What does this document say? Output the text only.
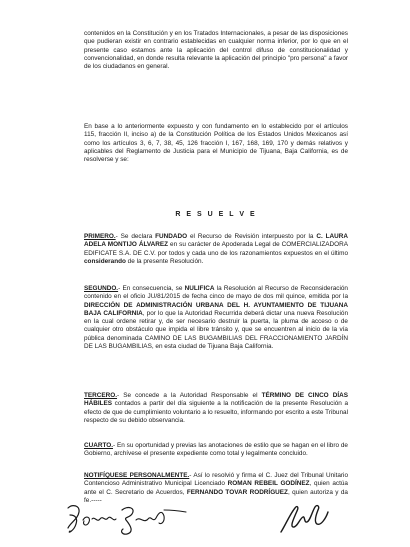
contenidos en la Constitución y en los Tratados Internacionales, a pesar de las disposiciones que pudieran existir en contrario establecidas en cualquier norma inferior, por lo que en el presente caso estamos ante la aplicación del control difuso de constitucionalidad y convencionalidad, en donde resulta relevante la aplicación del principio "pro persona" a favor de los ciudadanos en general.

En base a lo anteriormente expuesto y con fundamento en lo establecido por el artículos 115, fracción II, inciso a) de la Constitución Política de los Estados Unidos Mexicanos así como los artículos 3, 6, 7, 38, 45, 126 fracción I, 167, 168, 169, 170 y demás relativos y aplicables del Reglamento de Justicia para el Municipio de Tijuana, Baja California, es de resolverse y se:

R E S U E L V E

PRIMERO.- Se declara FUNDADO el Recurso de Revisión interpuesto por la C. LAURA ADELA MONTIJO ÁLVAREZ en su carácter de Apoderada Legal de COMERCIALIZADORA EDIFICATE S.A. DE C.V. por todos y cada uno de los razonamientos expuestos en el último considerando de la presente Resolución.

SEGUNDO.- En consecuencia, se NULIFICA la Resolución al Recurso de Reconsideración contenido en el oficio JU/81/2015 de fecha cinco de mayo de dos mil quince, emitida por la DIRECCIÓN DE ADMINISTRACIÓN URBANA DEL H. AYUNTAMIENTO DE TIJUANA BAJA CALIFORNIA, por lo que la Autoridad Recurrida deberá dictar una nueva Resolución en la cual ordene retirar y, de ser necesario destruir la puerta, la pluma de acceso o de cualquier otro obstáculo que impida el libre tránsito y, que se encuentren al inicio de la vía pública denominada CAMINO DE LAS BUGAMBILIAS DEL FRACCIONAMIENTO JARDÍN DE LAS BUGAMBILIAS, en esta ciudad de Tijuana Baja California.

TERCERO.- Se concede a la Autoridad Responsable el TÉRMINO DE CINCO DÍAS HÁBILES contados a partir del día siguiente a la notificación de la presente Resolución a efecto de que de cumplimiento voluntario a lo resuelto, informando por escrito a este Tribunal respecto de su debido observancia.

CUARTO.- En su oportunidad y previas las anotaciones de estilo que se hagan en el libro de Gobierno, archívese el presente expediente como total y legalmente concluido.

NOTIFÍQUESE PERSONALMENTE.- Así lo resolvió y firma el C. Juez del Tribunal Unitario Contencioso Administrativo Municipal Licenciado ROMAN REBEIL GODÍNEZ, quien actúa ante el C. Secretario de Acuerdos, FERNANDO TOVAR RODRÍGUEZ, quien autoriza y da fe.-----
